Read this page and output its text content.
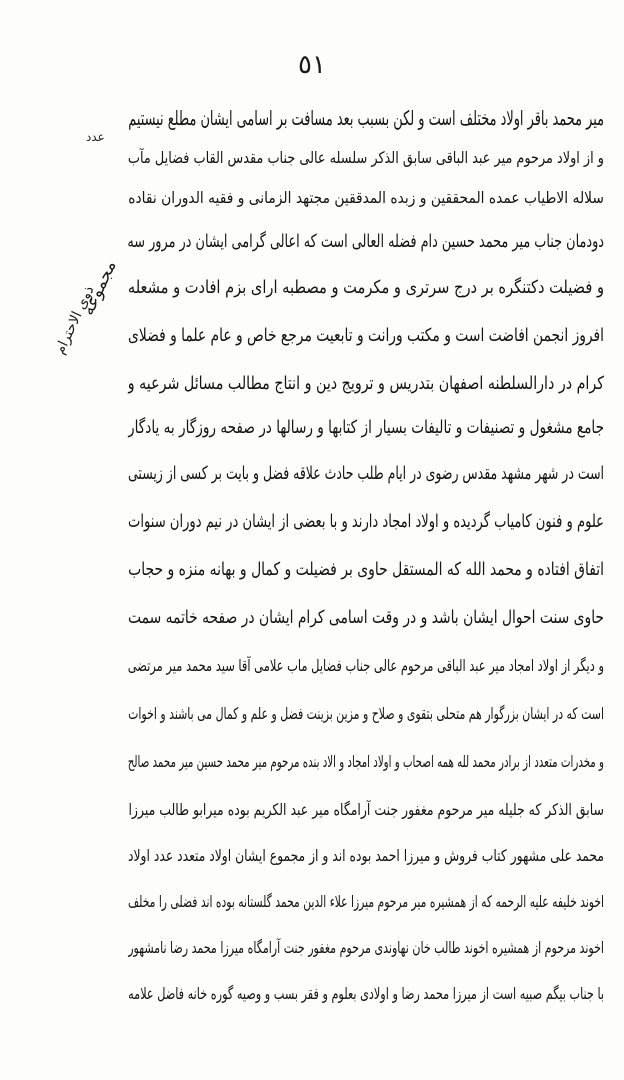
٥١
عدد
مجموعه
ذوی الاحترام
میر محمد باقر اولاد مختلف است و لکن بسبب بعد مسافت بر اسامی ایشان مطلع نیستیم
و از اولاد مرحوم میر عبد الباقی سابق الذکر سلسله عالی جناب مقدس القاب فضایل مآب
سلاله الاطیاب عمده المحققین و زبده المدققین مجتهد الزمانی و فقیه الدوران نقاده
دودمان جناب میر محمد حسین دام فضله العالی است که اعالی گرامی ایشان در مرور سه
و فضیلت دکتنگره بر درج سرتری و مکرمت و مصطبه ارای بزم افادت و مشعله
افروز انجمن افاضت است و مکتب ورانت و تابعیت مرجع خاص و عام علما و فضلای
کرام در دارالسلطنه اصفهان بتدریس و ترویج دین و انتاج مطالب مسائل شرعیه و
جامع مشغول و تصنیفات و تالیفات بسیار از کتابها و رسالها در صفحه روزگار به یادگار
است در شهر مشهد مقدس رضوی در ایام طلب حادث علاقه فضل و بایت بر کسی از زیستی
علوم و فنون کامیاب گردیده و اولاد امجاد دارند و با بعضی از ایشان در نیم دوران سنوات
اتفاق افتاده و محمد الله که المستقل حاوی بر فضیلت و کمال و بهانه منزه و حجاب
حاوی سنت احوال ایشان باشد و در وقت اسامی کرام ایشان در صفحه خاتمه سمت
و دیگر از اولاد امجاد میر عبد الباقی مرحوم عالی جناب فضایل ماب علامی آقا سید محمد میر مرتضی
است که در ایشان بزرگوار هم متحلی بتقوی و صلاح و مزین بزینت فضل و علم و کمال می باشند و اخوات
و مخدرات متعدد از برادر محمد لله همه اصحاب و اولاد امجاد و الاد بنده مرحوم میر محمد حسین میر محمد صالح
سابق الذکر که جلیله میر مرحوم مغفور جنت آرامگاه میر عبد الکریم بوده میرابو طالب میرزا
محمد علی مشهور کتاب فروش و میرزا احمد بوده اند و از مجموع ایشان اولاد متعدد عدد اولاد
اخوند خلیفه علیه الرحمه که از همشیره میر مرحوم میرزا علاء الدین محمد گلستانه بوده اند فضلی را مخلف
اخوند مرحوم از همشیره اخوند طالب خان نهاوندی مرحوم مغفور جنت آرامگاه میرزا محمد رضا نامشهور
با جناب بیگم صبیه است از میرزا محمد رضا و اولادی بعلوم و فقر بسب و وصیه گوره خانه فاضل علامه
